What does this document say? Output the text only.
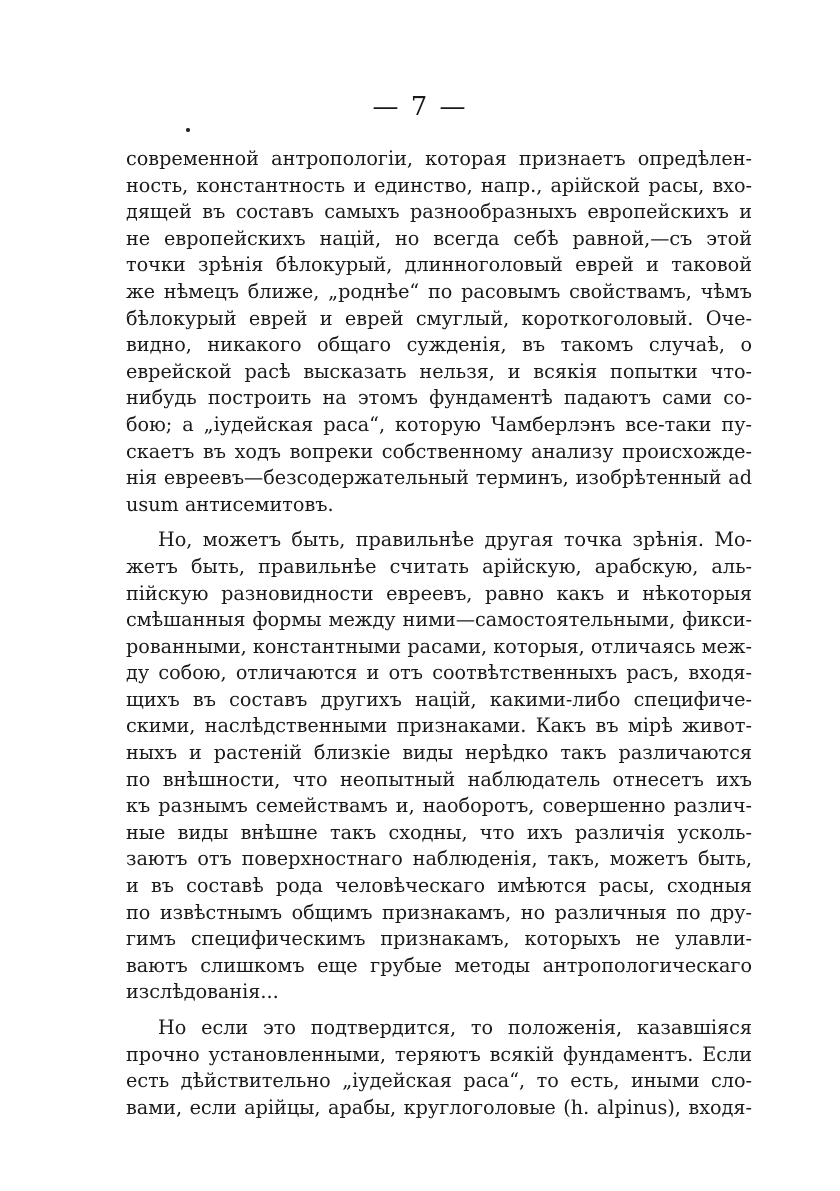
— 7 —
современной антропологіи, которая признаетъ опредѣлен-
ность, константность и единство, напр., арійской расы, вхо-
дящей въ составъ самыхъ разнообразныхъ европейскихъ и
не европейскихъ націй, но всегда себѣ равной,—съ этой
точки зрѣнія бѣлокурый, длинноголовый еврей и таковой
же нѣмецъ ближе, „роднѣе“ по расовымъ свойствамъ, чѣмъ
бѣлокурый еврей и еврей смуглый, короткоголовый. Оче-
видно, никакого общаго сужденія, въ такомъ случаѣ, о
еврейской расѣ высказать нельзя, и всякія попытки что-
нибудь построить на этомъ фундаментѣ падаютъ сами со-
бою; а „іудейская раса“, которую Чамберлэнъ все-таки пу-
скаетъ въ ходъ вопреки собственному анализу происхожде-
нія евреевъ—безсодержательный терминъ, изобрѣтенный ad
usum антисемитовъ.
Но, можетъ быть, правильнѣе другая точка зрѣнія. Мо-
жетъ быть, правильнѣе считать арійскую, арабскую, аль-
пійскую разновидности евреевъ, равно какъ и нѣкоторыя
смѣшанныя формы между ними—самостоятельными, фикси-
рованными, константными расами, которыя, отличаясь меж-
ду собою, отличаются и отъ соотвѣтственныхъ расъ, входя-
щихъ въ составъ другихъ націй, какими-либо специфиче-
скими, наслѣдственными признаками. Какъ въ мірѣ живот-
ныхъ и растеній близкіе виды нерѣдко такъ различаются
по внѣшности, что неопытный наблюдатель отнесетъ ихъ
къ разнымъ семействамъ и, наоборотъ, совершенно различ-
ные виды внѣшне такъ сходны, что ихъ различія усколь-
заютъ отъ поверхностнаго наблюденія, такъ, можетъ быть,
и въ составѣ рода человѣческаго имѣются расы, сходныя
по извѣстнымъ общимъ признакамъ, но различныя по дру-
гимъ специфическимъ признакамъ, которыхъ не улавли-
ваютъ слишкомъ еще грубые методы антропологическаго
изслѣдованія...
Но если это подтвердится, то положенія, казавшіяся
прочно установленными, теряютъ всякій фундаментъ. Если
есть дѣйствительно „іудейская раса“, то есть, иными сло-
вами, если арійцы, арабы, круглоголовые (h. alpinus), входя-
